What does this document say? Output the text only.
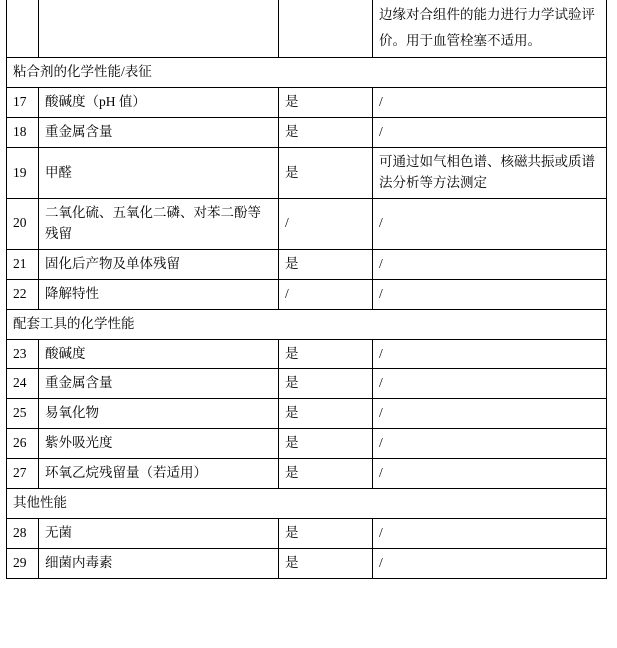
			边缘对合组件的能力进行力学试验评价。用于血管栓塞不适用。
粘合剂的化学性能/表征			
17	酸碱度（pH 值）	是	/
18	重金属含量	是	/
19	甲醛	是	可通过如气相色谱、核磁共振或质谱法分析等方法测定
20	二氧化硫、五氧化二磷、对苯二酚等残留	/	/
21	固化后产物及单体残留	是	/
22	降解特性	/	/
配套工具的化学性能			
23	酸碱度	是	/
24	重金属含量	是	/
25	易氧化物	是	/
26	紫外吸光度	是	/
27	环氧乙烷残留量（若适用）	是	/
其他性能			
28	无菌	是	/
29	细菌内毒素	是	/
